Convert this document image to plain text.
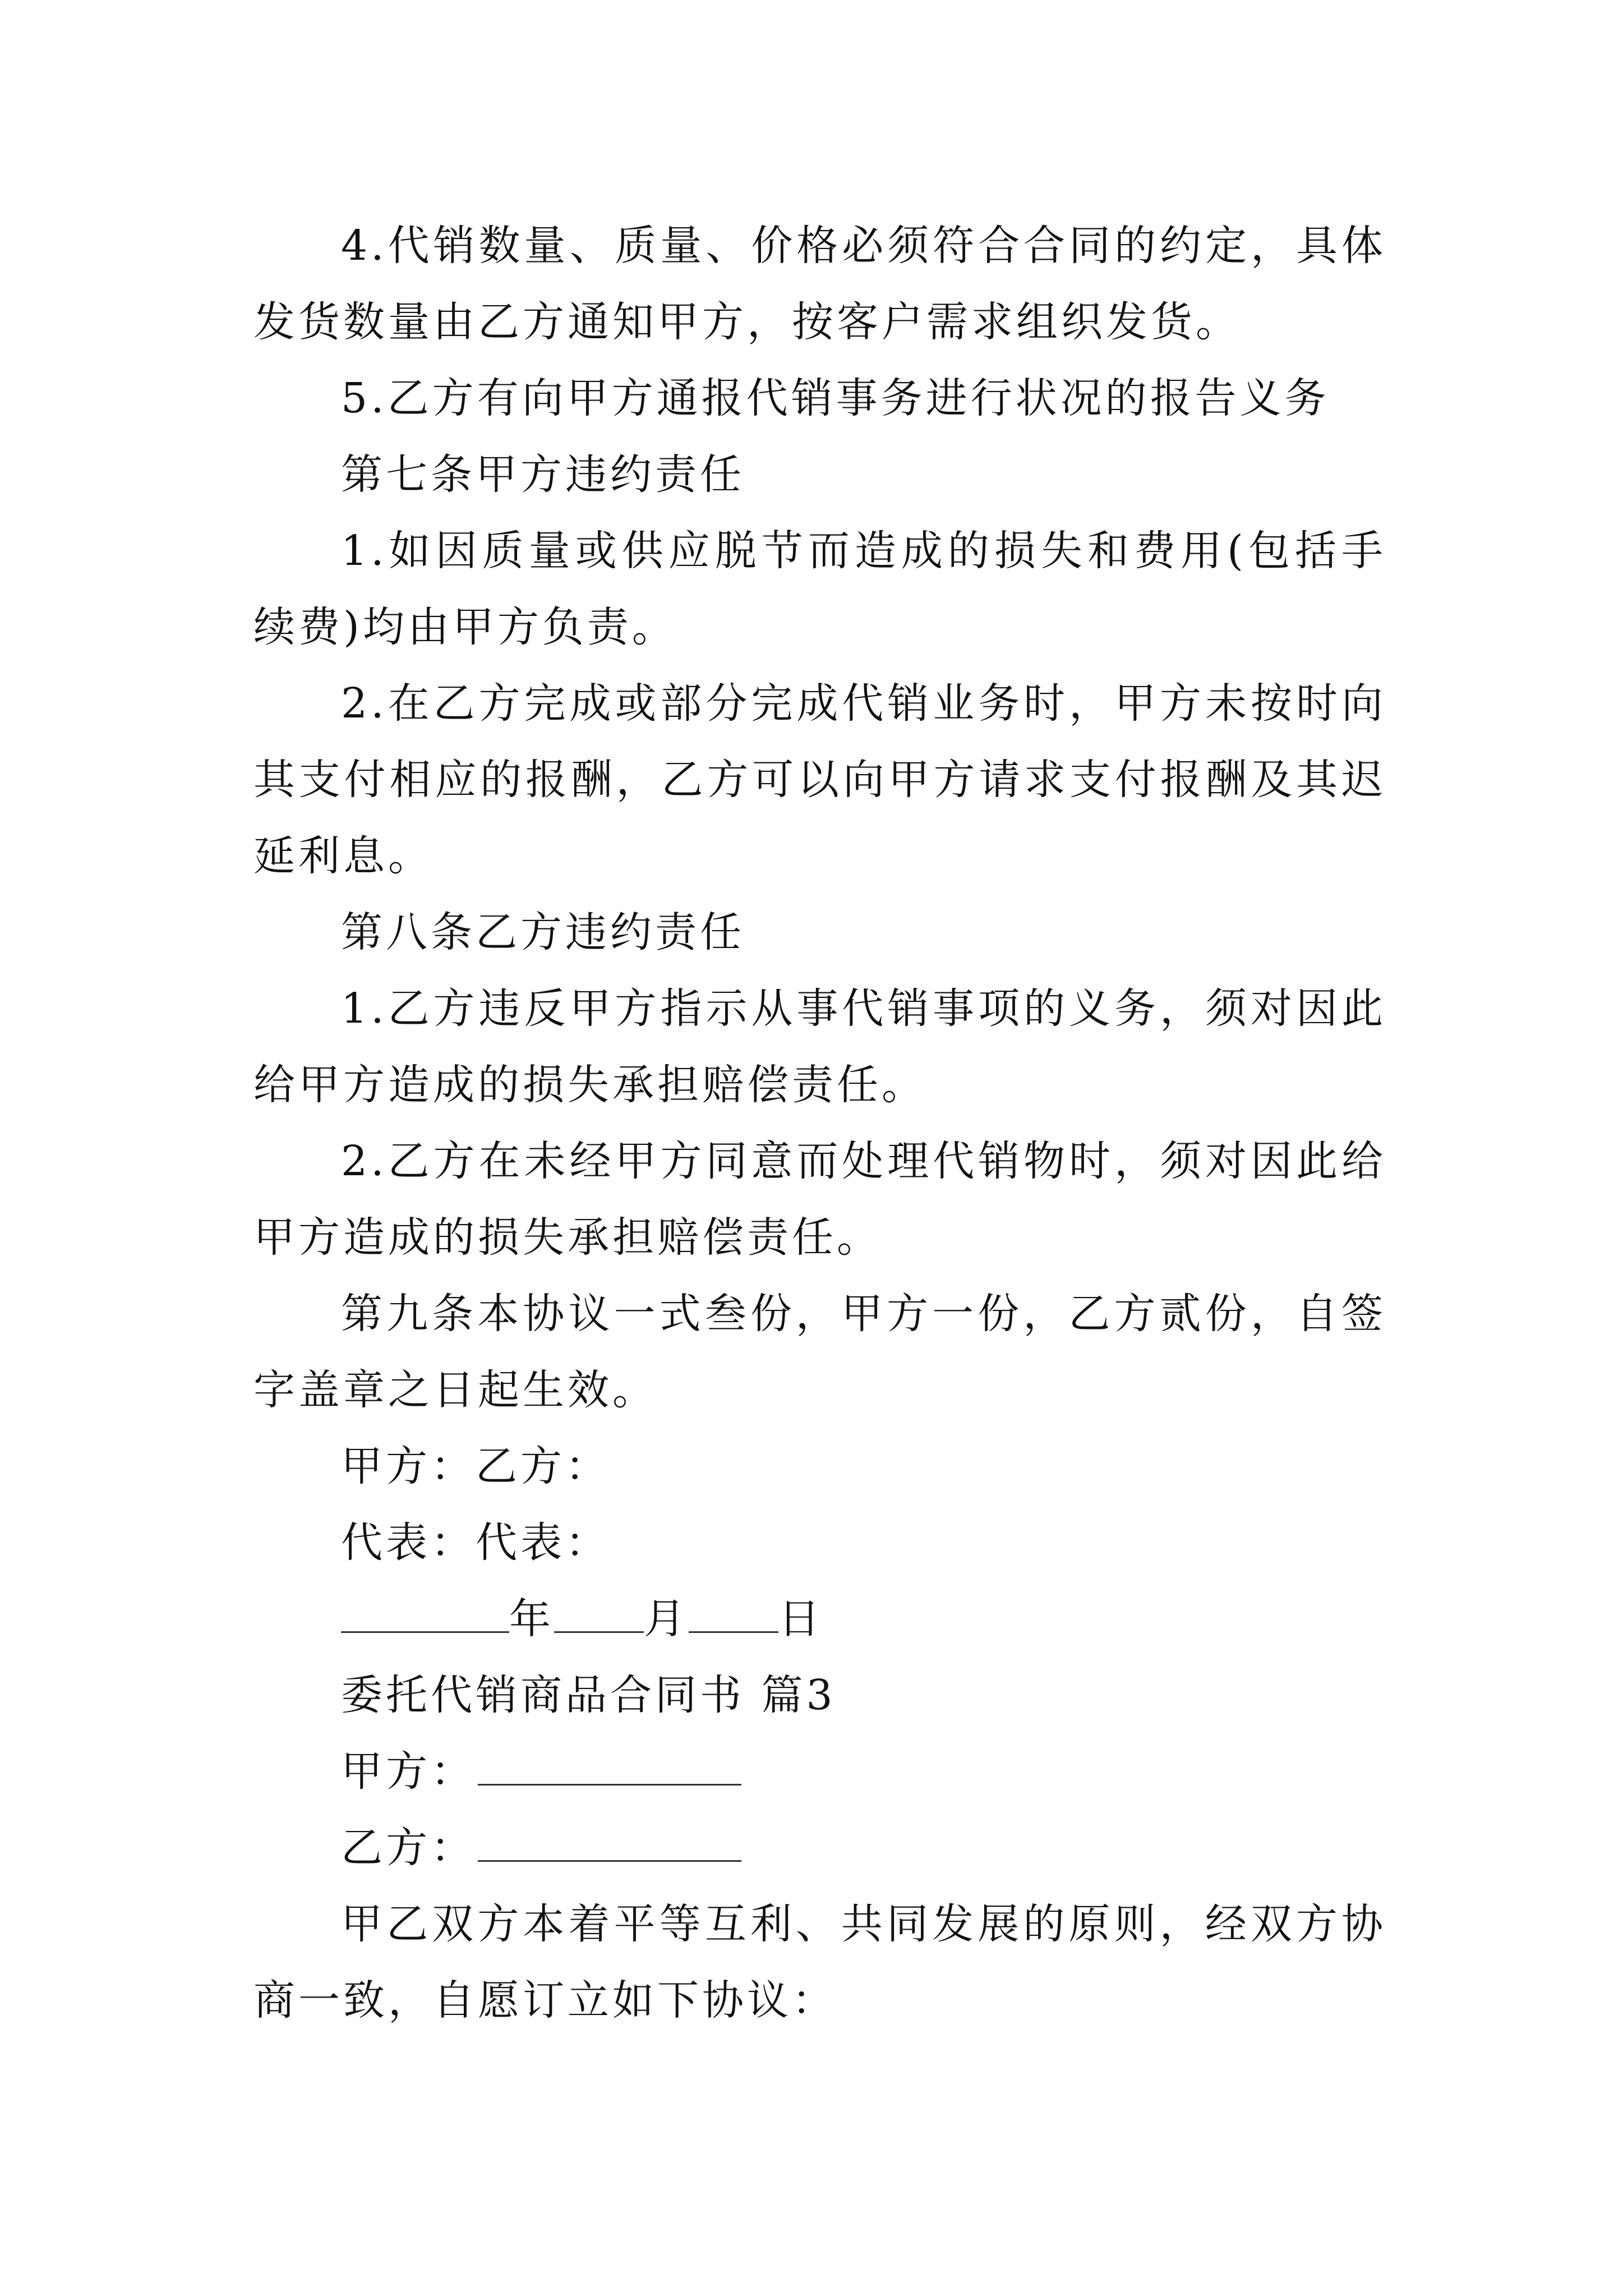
4.代销数量、质量、价格必须符合合同的约定，具体发货数量由乙方通知甲方，按客户需求组织发货。

5.乙方有向甲方通报代销事务进行状况的报告义务

第七条甲方违约责任

1.如因质量或供应脱节而造成的损失和费用(包括手续费)均由甲方负责。

2.在乙方完成或部分完成代销业务时，甲方未按时向其支付相应的报酬，乙方可以向甲方请求支付报酬及其迟延利息。

第八条乙方违约责任

1.乙方违反甲方指示从事代销事项的义务，须对因此给甲方造成的损失承担赔偿责任。

2.乙方在未经甲方同意而处理代销物时，须对因此给甲方造成的损失承担赔偿责任。

第九条本协议一式叁份，甲方一份，乙方贰份，自签字盖章之日起生效。

甲方：乙方：

代表：代表：

年 月 日

委托代销商品合同书 篇3

甲方：

乙方：

甲乙双方本着平等互利、共同发展的原则，经双方协商一致，自愿订立如下协议：
